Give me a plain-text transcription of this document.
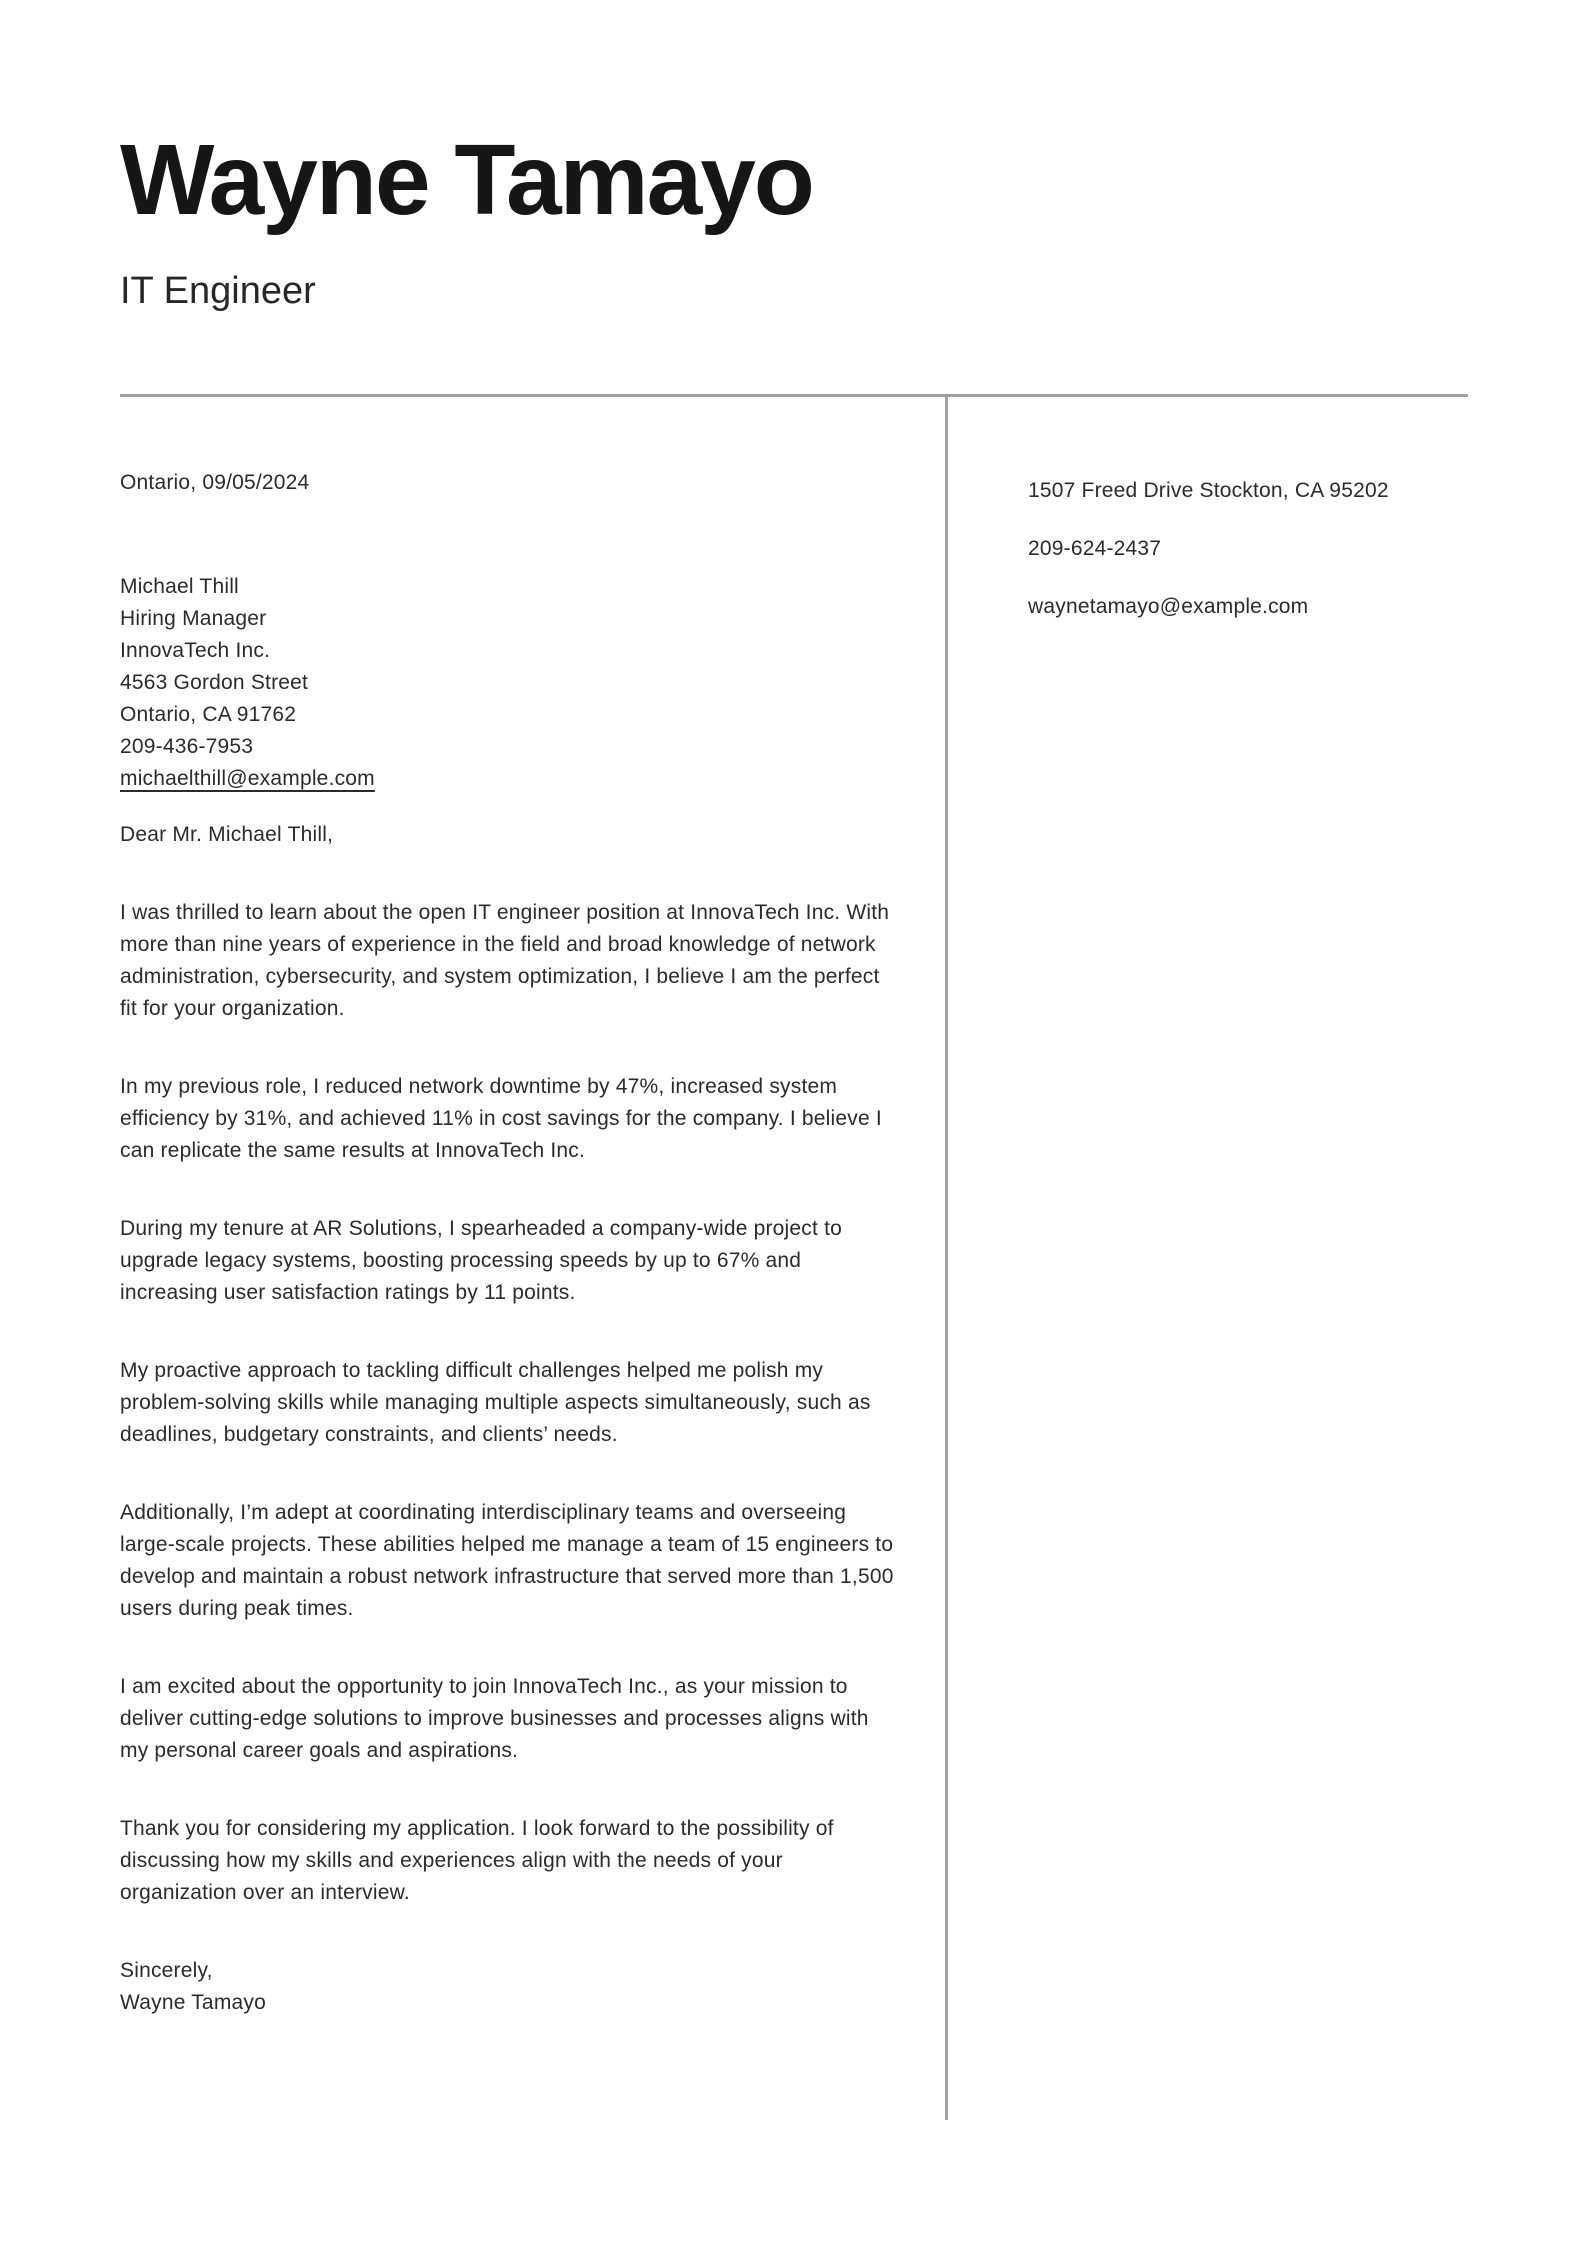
Wayne Tamayo
IT Engineer
Ontario, 09/05/2024
Michael Thill
Hiring Manager
InnovaTech Inc.
4563 Gordon Street
Ontario, CA 91762
209-436-7953
michaelthill@example.com
Dear Mr. Michael Thill,
I was thrilled to learn about the open IT engineer position at InnovaTech Inc. With more than nine years of experience in the field and broad knowledge of network administration, cybersecurity, and system optimization, I believe I am the perfect fit for your organization.
In my previous role, I reduced network downtime by 47%, increased system efficiency by 31%, and achieved 11% in cost savings for the company. I believe I can replicate the same results at InnovaTech Inc.
During my tenure at AR Solutions, I spearheaded a company-wide project to upgrade legacy systems, boosting processing speeds by up to 67% and increasing user satisfaction ratings by 11 points.
My proactive approach to tackling difficult challenges helped me polish my problem-solving skills while managing multiple aspects simultaneously, such as deadlines, budgetary constraints, and clients’ needs.
Additionally, I’m adept at coordinating interdisciplinary teams and overseeing large-scale projects. These abilities helped me manage a team of 15 engineers to develop and maintain a robust network infrastructure that served more than 1,500 users during peak times.
I am excited about the opportunity to join InnovaTech Inc., as your mission to deliver cutting-edge solutions to improve businesses and processes aligns with my personal career goals and aspirations.
Thank you for considering my application. I look forward to the possibility of discussing how my skills and experiences align with the needs of your organization over an interview.
Sincerely,
Wayne Tamayo
1507 Freed Drive Stockton, CA 95202
209-624-2437
waynetamayo@example.com
